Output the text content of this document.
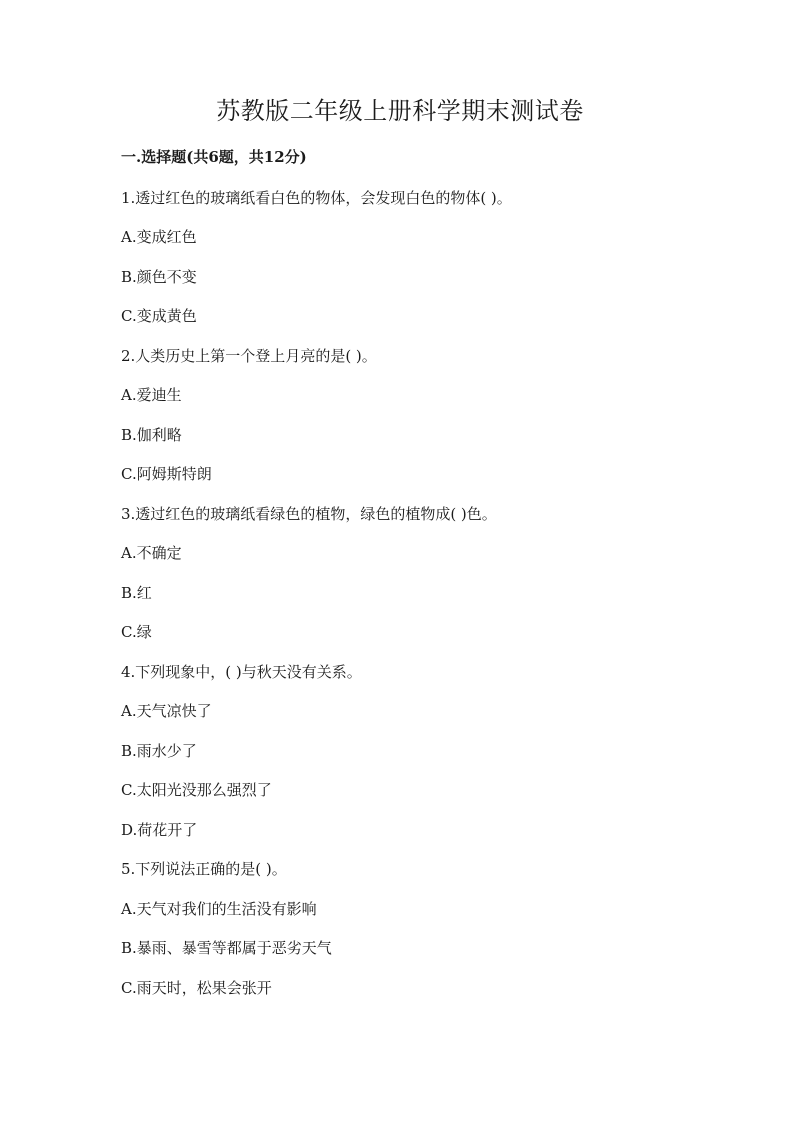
苏教版二年级上册科学期末测试卷
一.选择题(共6题，共12分)
1.透过红色的玻璃纸看白色的物体，会发现白色的物体( )。
A.变成红色
B.颜色不变
C.变成黄色
2.人类历史上第一个登上月亮的是( )。
A.爱迪生
B.伽利略
C.阿姆斯特朗
3.透过红色的玻璃纸看绿色的植物，绿色的植物成( )色。
A.不确定
B.红
C.绿
4.下列现象中，( )与秋天没有关系。
A.天气凉快了
B.雨水少了
C.太阳光没那么强烈了
D.荷花开了
5.下列说法正确的是( )。
A.天气对我们的生活没有影响
B.暴雨、暴雪等都属于恶劣天气
C.雨天时，松果会张开
